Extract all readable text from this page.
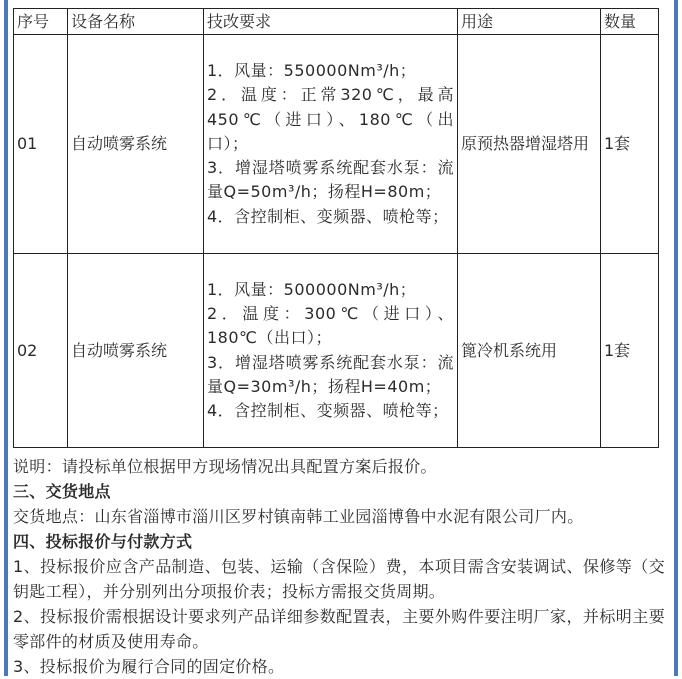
序号	设备名称	技改要求	用途	数量
01	自动喷雾系统	1．风量：550000Nm³/h；
2．温度：正常320℃，最高450℃（进口）、180℃（出口）；
3．增湿塔喷雾系统配套水泵：流量Q=50m³/h；扬程H=80m；
4．含控制柜、变频器、喷枪等；	原预热器增湿塔用	1套
02	自动喷雾系统	1．风量：500000Nm³/h；
2．温度：300℃（进口）、180℃（出口）；
3．增湿塔喷雾系统配套水泵：流量Q=30m³/h；扬程H=40m；
4．含控制柜、变频器、喷枪等；	篦冷机系统用	1套

说明：请投标单位根据甲方现场情况出具配置方案后报价。

三、交货地点

交货地点：山东省淄博市淄川区罗村镇南韩工业园淄博鲁中水泥有限公司厂内。

四、投标报价与付款方式

1、投标报价应含产品制造、包装、运输（含保险）费，本项目需含安装调试、保修等（交钥匙工程），并分别列出分项报价表；投标方需报交货周期。

2、投标报价需根据设计要求列产品详细参数配置表，主要外购件要注明厂家，并标明主要零部件的材质及使用寿命。

3、投标报价为履行合同的固定价格。
